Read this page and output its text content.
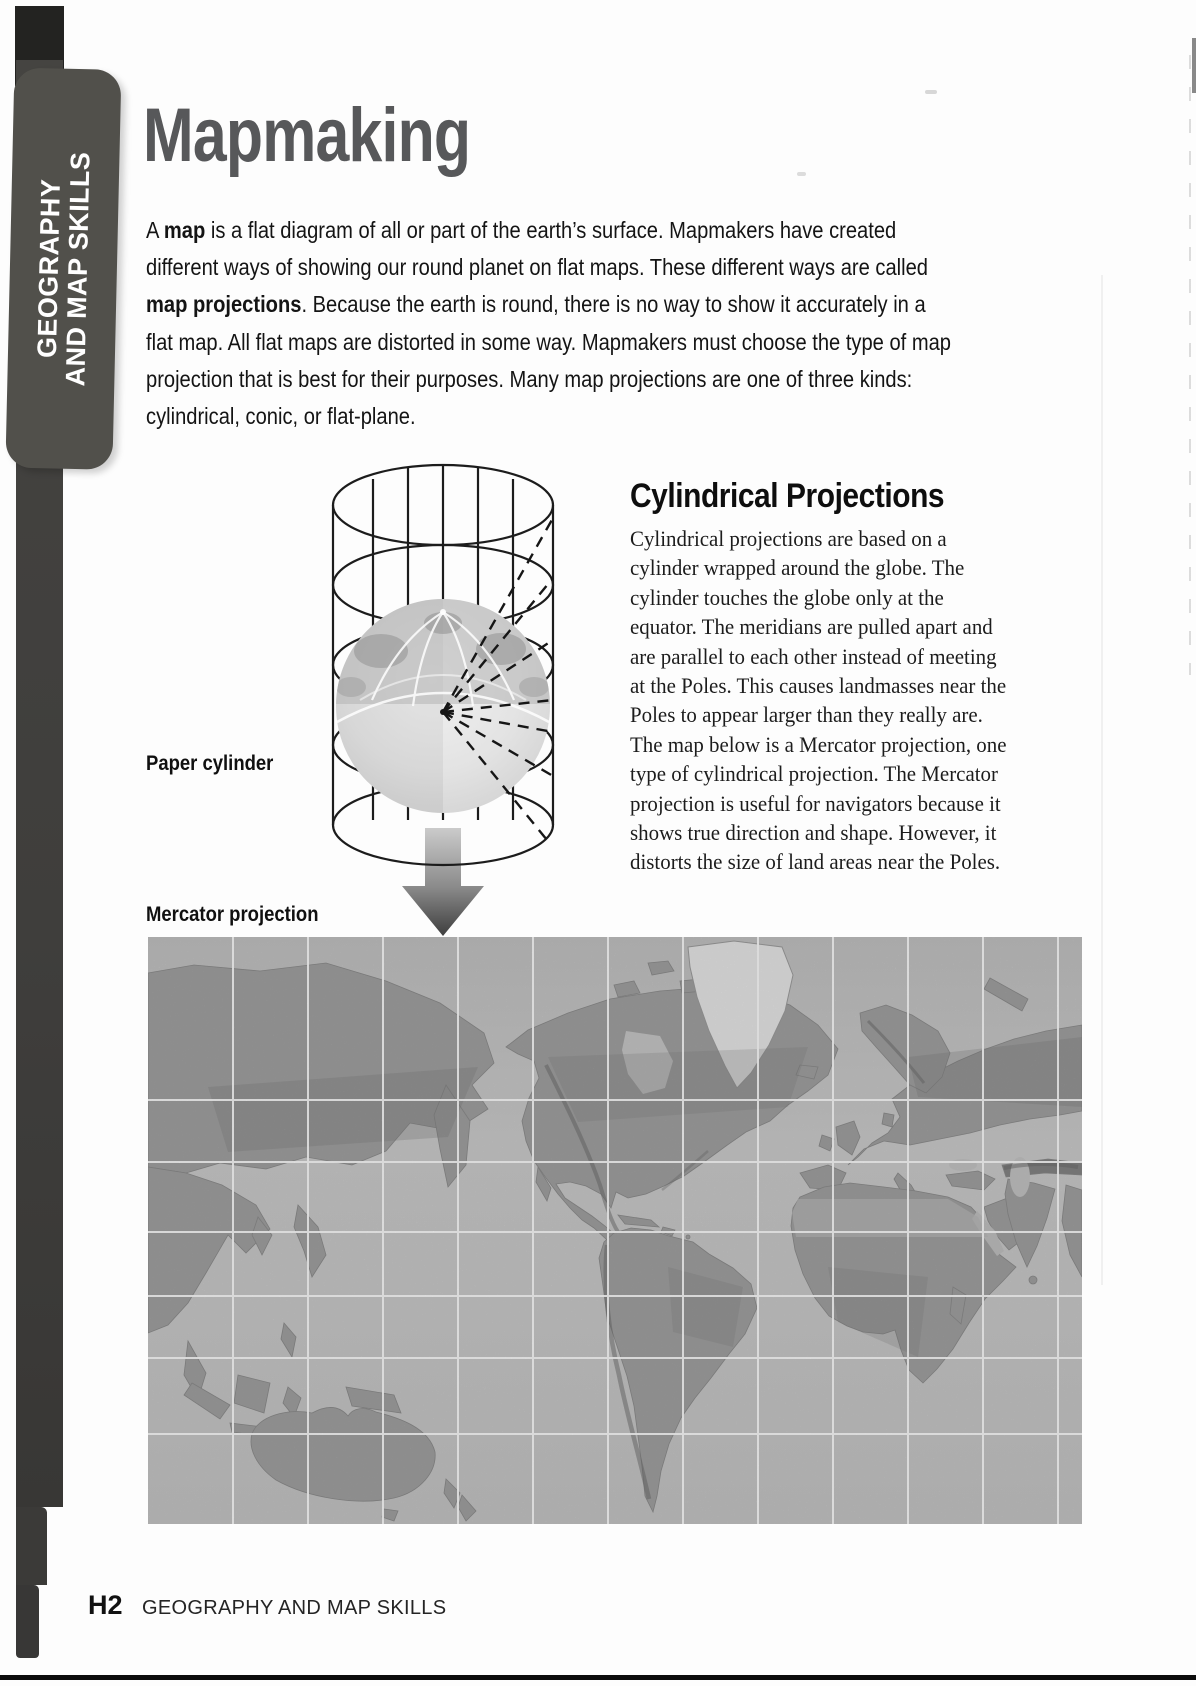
GEOGRAPHY
AND MAP SKILLS
Mapmaking
A map is a flat diagram of all or part of the earth’s surface. Mapmakers have created
different ways of showing our round planet on flat maps. These different ways are called
map projections. Because the earth is round, there is no way to show it accurately in a
flat map. All flat maps are distorted in some way. Mapmakers must choose the type of map
projection that is best for their purposes. Many map projections are one of three kinds:
cylindrical, conic, or flat-plane.
Cylindrical Projections
Cylindrical projections are based on a
cylinder wrapped around the globe. The
cylinder touches the globe only at the
equator. The meridians are pulled apart and
are parallel to each other instead of meeting
at the Poles. This causes landmasses near the
Poles to appear larger than they really are.
The map below is a Mercator projection, one
type of cylindrical projection. The Mercator
projection is useful for navigators because it
shows true direction and shape. However, it
distorts the size of land areas near the Poles.
Paper cylinder
Mercator projection
H2 GEOGRAPHY AND MAP SKILLS
